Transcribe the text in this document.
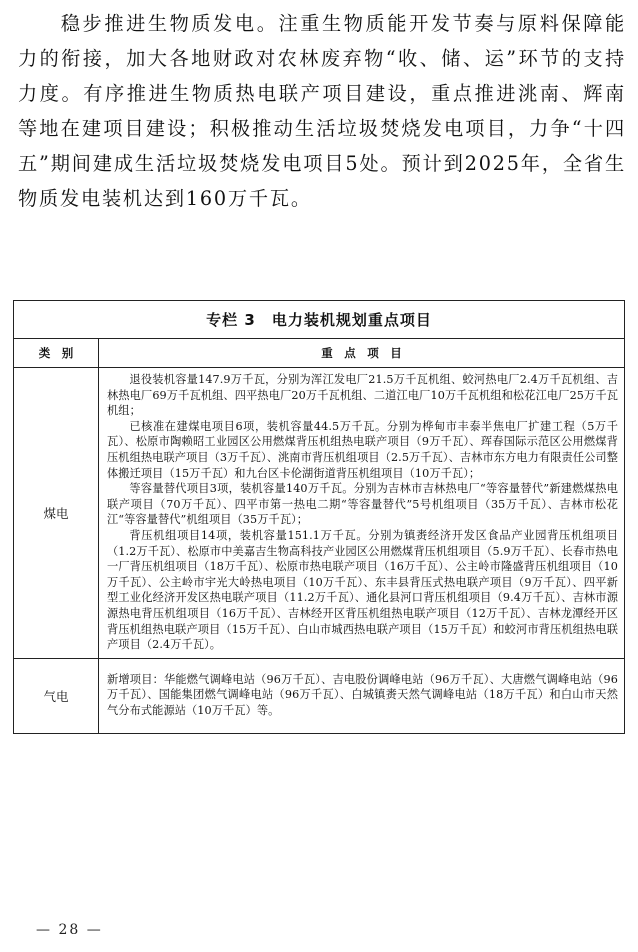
稳步推进生物质发电。注重生物质能开发节奏与原料保障能力的衔接，加大各地财政对农林废弃物“收、储、运”环节的支持力度。有序推进生物质热电联产项目建设，重点推进洮南、辉南等地在建项目建设；积极推动生活垃圾焚烧发电项目，力争“十四五”期间建成生活垃圾焚烧发电项目5处。预计到2025年，全省生物质发电装机达到160万千瓦。

专栏 3　电力装机规划重点项目	
类　别	重　点　项　目
煤电	退役装机容量147.9万千瓦，分别为浑江发电厂21.5万千瓦机组、蛟河热电厂2.4万千瓦机组、吉林热电厂69万千瓦机组、四平热电厂20万千瓦机组、二道江电厂10万千瓦机组和松花江电厂25万千瓦机组；

已核准在建煤电项目6项，装机容量44.5万千瓦。分别为桦甸市丰泰半焦电厂扩建工程（5万千瓦）、松原市陶赖昭工业园区公用燃煤背压机组热电联产项目（9万千瓦）、珲春国际示范区公用燃煤背压机组热电联产项目（3万千瓦）、洮南市背压机组项目（2.5万千瓦）、吉林市东方电力有限责任公司整体搬迁项目（15万千瓦）和九台区卡伦湖街道背压机组项目（10万千瓦）；

等容量替代项目3项，装机容量140万千瓦。分别为吉林市吉林热电厂“等容量替代”新建燃煤热电联产项目（70万千瓦）、四平市第一热电二期“等容量替代”5号机组项目（35万千瓦）、吉林市松花江“等容量替代”机组项目（35万千瓦）；

背压机组项目14项，装机容量151.1万千瓦。分别为镇赉经济开发区食品产业园背压机组项目（1.2万千瓦）、松原市中美嘉吉生物高科技产业园区公用燃煤背压机组项目（5.9万千瓦）、长春市热电一厂背压机组项目（18万千瓦）、松原市热电联产项目（16万千瓦）、公主岭市隆盛背压机组项目（10万千瓦）、公主岭市宇光大岭热电项目（10万千瓦）、东丰县背压式热电联产项目（9万千瓦）、四平新型工业化经济开发区热电联产项目（11.2万千瓦）、通化县河口背压机组项目（9.4万千瓦）、吉林市源源热电背压机组项目（16万千瓦）、吉林经开区背压机组热电联产项目（12万千瓦）、吉林龙潭经开区背压机组热电联产项目（15万千瓦）、白山市城西热电联产项目（15万千瓦）和蛟河市背压机组热电联产项目（2.4万千瓦）。

气电	新增项目：华能燃气调峰电站（96万千瓦）、吉电股份调峰电站（96万千瓦）、大唐燃气调峰电站（96万千瓦）、国能集团燃气调峰电站（96万千瓦）、白城镇赉天然气调峰电站（18万千瓦）和白山市天然气分布式能源站（10万千瓦）等。

— 28 —
